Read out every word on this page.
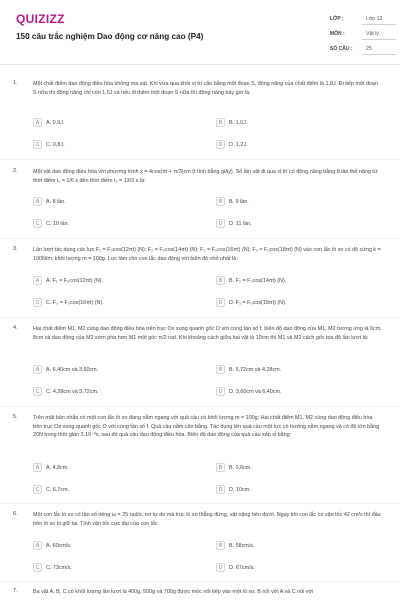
QUIZIZZ
150 câu trắc nghiệm Dao động cơ nâng cao (P4)
LỚP :	Lớp 12
MÔN :	Vật lý
SỐ CÂU :	25
1.	Một chất điểm dao động điều hòa không ma sát. Khi vừa qua khỏi vị trí cân bằng một đoạn S, động năng của chất điểm là 1,8J. Đi tiếp một đoạn S nữa thì động năng chỉ còn 1,5J và nếu đi thêm một đoạn S nữa thì động năng bây giờ là:
A	A. 0,9J.	B	B. 1,0J.
C	C. 0,8J.	D	D. 1,2J.
2.	Một vật dao động điều hòa với phương trình x = 4cos(πt + π/3)cm (t tính bằng giây). Số lần vật đi qua vị trí có động năng bằng 8 lần thế năng từ thời điểm t₁ = 1/6 s đến thời điểm t₂ = 13/3 s là:
A	A. 8 lần.	B	B. 9 lần.
C	C. 10 lần.	D	D. 11 lần.
3.	Lần lượt tác dụng các lực F₁ = F₀cos(12πt) (N); F₂ = F₀cos(14πt) (N); F₃ = F₀cos(16πt) (N); F₄ = F₀cos(18πt) (N) vào con lắc lò xo có độ cứng k = 100N/m; khối lượng m = 100g. Lực làm cho con lắc dao động với biên độ nhỏ nhất là:
A	A. F₁ = F₀cos(12πt) (N).	B	B. F₂ = F₀cos(14πt) (N).
C	C. F₃ = F₀cos(16πt) (N).	D	D. F₁ = F₀cos(18πt) (N).
4.	Hai chất điểm M1, M2 cùng dao động điều hòa trên trục Ox xung quanh gốc O với cùng tần số f, biên độ dao động của M1, M2 tương ứng là 6cm, 8cm và dao động của M2 sớm pha hơn M1 một góc π/2 rad. Khi khoảng cách giữa hai vật là 10cm thì M1 và M2 cách gốc tọa độ lần lượt là:
A	A. 6,40cm và 3,60cm.	B	B. 5,72cm và 4,28cm.
C	C. 4,28cm và 5,72cm.	D	D. 3,60cm và 6,40cm.
5.	Trên mặt bàn nhẵn có một con lắc lò xo đang nằm ngang với quả cầu có khối lượng m = 100g; Hai chất điểm M1, M2 cùng dao động điều hòa trên trục Ox xung quanh gốc O với cùng tần số f. Quả cầu nằm cân bằng. Tác dụng lên quả cầu một lực có hướng nằm ngang và có độ lớn bằng 20N trong thời gian 3.10⁻³s, sau đó quả cầu dao động điều hòa. Biên độ dao động của quả cầu xấp xỉ bằng:
A	A. 4,8cm.	B	B. 0,6cm.
C	C. 6,7cm.	D	D. 10cm.
6.	Một con lắc lò xo có tần số riêng ω = 25 rad/s, rơi tự do mà trục lò xo thẳng đứng, vật nặng bên dưới. Ngay khi con lắc có vận tốc 42 cm/s thì đầu trên lò xo bị giữ lại. Tính vận tốc cực đại của con lắc.
A	A. 60cm/s.	B	B. 58cm/s.
C	C. 73cm/s.	D	D. 67cm/s.
7.	Ba vật A, B, C có khối lượng lần lượt là 400g, 500g và 700g được móc nối tiếp vào một lò xo, B nối với A và C nối với
